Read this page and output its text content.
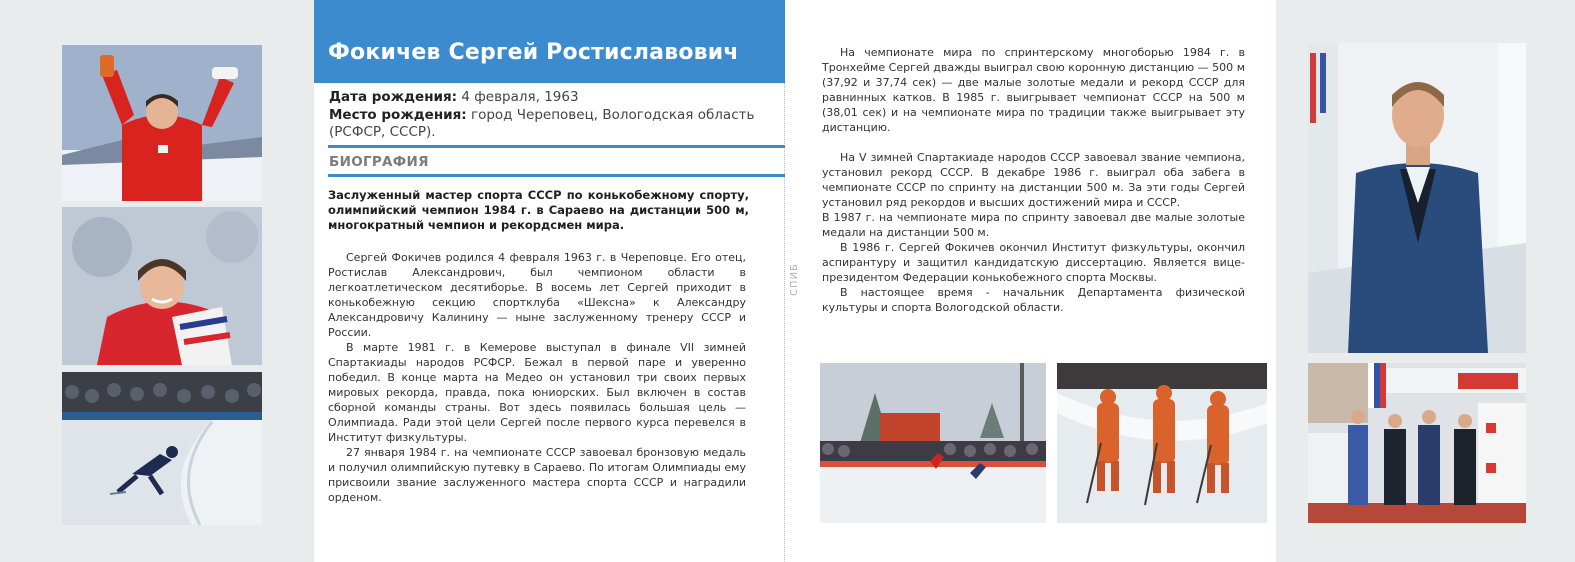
Фокичев Сергей Ростиславович
Дата рождения: 4 февраля, 1963
Место рождения: город Череповец, Вологодская область (РСФСР, СССР).
БИОГРАФИЯ
Заслуженный мастер спорта СССР по конькобежному спорту, олимпийский чемпион 1984 г. в Сараево на дистанции 500 м, многократный чемпион и рекордсмен мира.

Сергей Фокичев родился 4 февраля 1963 г. в Череповце. Его отец, Ростислав Александрович, был чемпионом области в легкоатлетическом десятиборье. В восемь лет Сергей приходит в конькобежную секцию спортклуба «Шексна» к Александру Александровичу Калинину — ныне заслуженному тренеру СССР и России.

В марте 1981 г. в Кемерове выступал в финале VII зимней Спартакиады народов РСФСР. Бежал в первой паре и уверенно победил. В конце марта на Медео он установил три своих первых мировых рекорда, правда, пока юниорских. Был включен в состав сборной команды страны. Вот здесь появилась большая цель — Олимпиада. Ради этой цели Сергей после первого курса перевелся в Институт физкультуры.

27 января 1984 г. на чемпионате СССР завоевал бронзовую медаль и получил олимпийскую путевку в Сараево. По итогам Олимпиады ему присвоили звание заслуженного мастера спорта СССР и наградили орденом.

СПИБ

На чемпионате мира по спринтерскому многоборью 1984 г. в Тронхейме Сергей дважды выиграл свою коронную дистанцию — 500 м (37,92 и 37,74 сек) — две малые золотые медали и рекорд СССР для равнинных катков. В 1985 г. выигрывает чемпионат СССР на 500 м (38,01 сек) и на чемпионате мира по традиции также выигрывает эту дистанцию.

На V зимней Спартакиаде народов СССР завоевал звание чемпиона, установил рекорд СССР. В декабре 1986 г. выиграл оба забега в чемпионате СССР по спринту на дистанции 500 м. За эти годы Сергей установил ряд рекордов и высших достижений мира и СССР.

В 1987 г. на чемпионате мира по спринту завоевал две малые золотые медали на дистанции 500 м.

В 1986 г. Сергей Фокичев окончил Институт физкультуры, окончил аспирантуру и защитил кандидатскую диссертацию. Является вице-президентом Федерации конькобежного спорта Москвы.

В настоящее время ‑ начальник Департамента физической культуры и спорта Вологодской области.
